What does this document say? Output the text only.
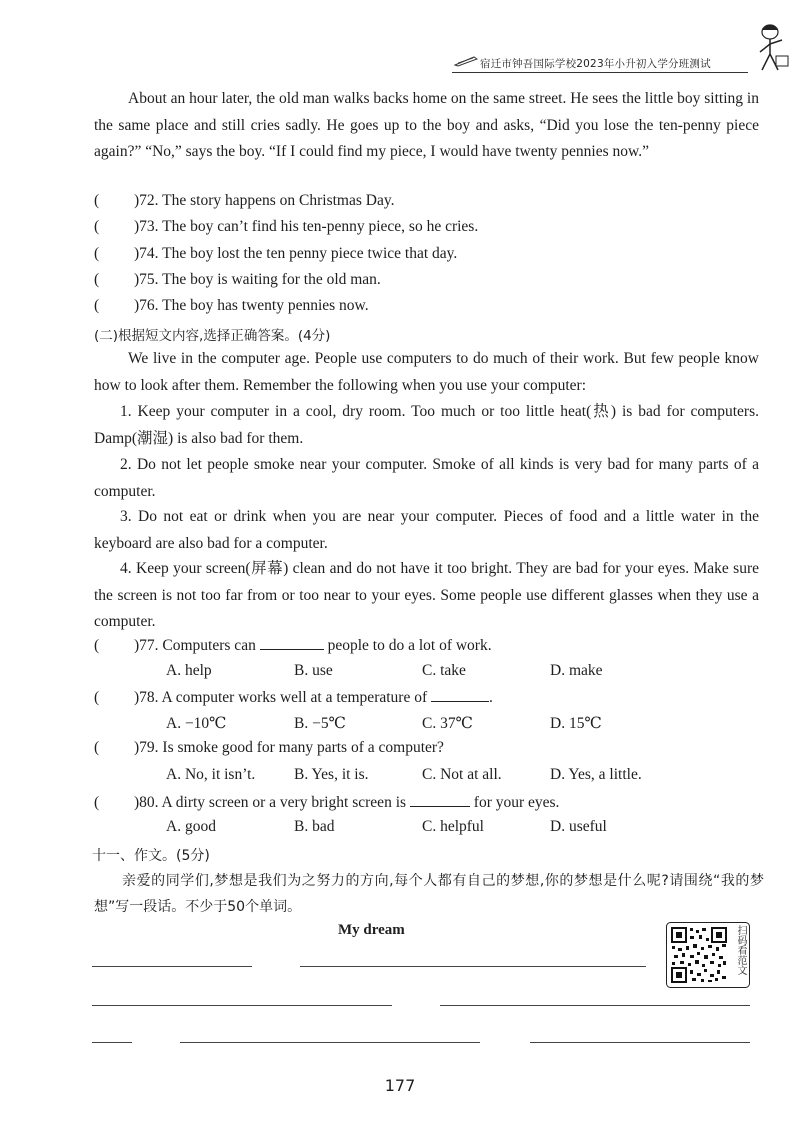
宿迁市钟吾国际学校2023年小升初入学分班测试

About an hour later, the old man walks backs home on the same street. He sees the little boy sitting in the same place and still cries sadly. He goes up to the boy and asks, “Did you lose the ten-penny piece again?” “No,” says the boy. “If I could find my piece, I would have twenty pennies now.”

( )72. The story happens on Christmas Day.
( )73. The boy can’t find his ten-penny piece, so he cries.
( )74. The boy lost the ten penny piece twice that day.
( )75. The boy is waiting for the old man.
( )76. The boy has twenty pennies now.
(二)根据短文内容,选择正确答案。(4分)

We live in the computer age. People use computers to do much of their work. But few people know how to look after them. Remember the following when you use your computer:

1. Keep your computer in a cool, dry room. Too much or too little heat(热) is bad for computers. Damp(潮湿) is also bad for them.

2. Do not let people smoke near your computer. Smoke of all kinds is very bad for many parts of a computer.

3. Do not eat or drink when you are near your computer. Pieces of food and a little water in the keyboard are also bad for a computer.

4. Keep your screen(屏幕) clean and do not have it too bright. They are bad for your eyes. Make sure the screen is not too far from or too near to your eyes. Some people use different glasses when they use a computer.

( )77. Computers can	people to do a lot of work.
A. help	B. use	C. take	D. make
( )78. A computer works well at a temperature of	.
A. −10℃	B. −5℃	C. 37℃	D. 15℃
( )79. Is smoke good for many parts of a computer?
A. No, it isn’t. B. Yes, it is.	C. Not at all.	D. Yes, a little.
( )80. A dirty screen or a very bright screen is	for your eyes.
A. good	B. bad	C. helpful	D. useful
十一、作文。(5分)

亲爱的同学们,梦想是我们为之努力的方向,每个人都有自己的梦想,你的梦想是什么呢?请围绕“我的梦想”写一段话。不少于50个单词。

My dream	扫码看范文
177
